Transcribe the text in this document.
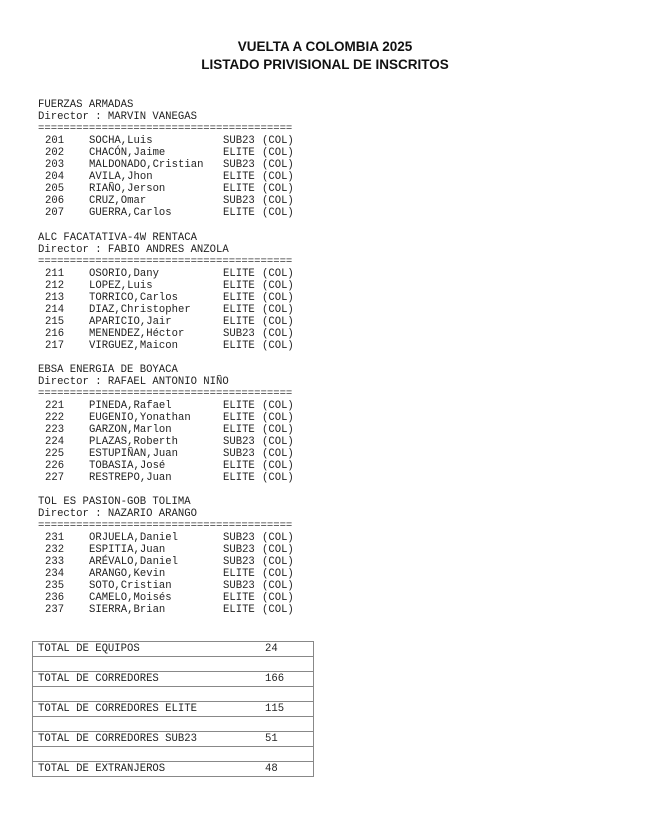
VUELTA A COLOMBIA 2025
LISTADO PRIVISIONAL DE INSCRITOS
FUERZAS ARMADAS
Director : MARVIN VANEGAS
========================================
201 SOCHA,Luis	SUB23 (COL)
202 CHACÓN,Jaime	ELITE (COL)
203 MALDONADO,Cristian SUB23 (COL)
204 AVILA,Jhon	ELITE (COL)
205 RIAÑO,Jerson	ELITE (COL)
206 CRUZ,Omar	SUB23 (COL)
207 GUERRA,Carlos	ELITE (COL)
ALC FACATATIVA-4W RENTACA
Director : FABIO ANDRES ANZOLA
========================================
211 OSORIO,Dany	ELITE (COL)
212 LOPEZ,Luis	ELITE (COL)
213 TORRICO,Carlos	ELITE (COL)
214 DIAZ,Christopher	ELITE (COL)
215 APARICIO,Jair	ELITE (COL)
216 MENENDEZ,Héctor	SUB23 (COL)
217 VIRGUEZ,Maicon	ELITE (COL)
EBSA ENERGIA DE BOYACA
Director : RAFAEL ANTONIO NIÑO
========================================
221 PINEDA,Rafael	ELITE (COL)
222 EUGENIO,Yonathan	ELITE (COL)
223 GARZON,Marlon	ELITE (COL)
224 PLAZAS,Roberth	SUB23 (COL)
225 ESTUPIÑAN,Juan	SUB23 (COL)
226 TOBASIA,José	ELITE (COL)
227 RESTREPO,Juan	ELITE (COL)
TOL ES PASION-GOB TOLIMA
Director : NAZARIO ARANGO
========================================
231 ORJUELA,Daniel	SUB23 (COL)
232 ESPITIA,Juan	SUB23 (COL)
233 ARÉVALO,Daniel	SUB23 (COL)
234 ARANGO,Kevin	ELITE (COL)
235 SOTO,Cristian	SUB23 (COL)
236 CAMELO,Moisés	ELITE (COL)
237 SIERRA,Brian	ELITE (COL)
TOTAL DE EQUIPOS	24
TOTAL DE CORREDORES	166
TOTAL DE CORREDORES ELITE	115
TOTAL DE CORREDORES SUB23	51
TOTAL DE EXTRANJEROS	48
